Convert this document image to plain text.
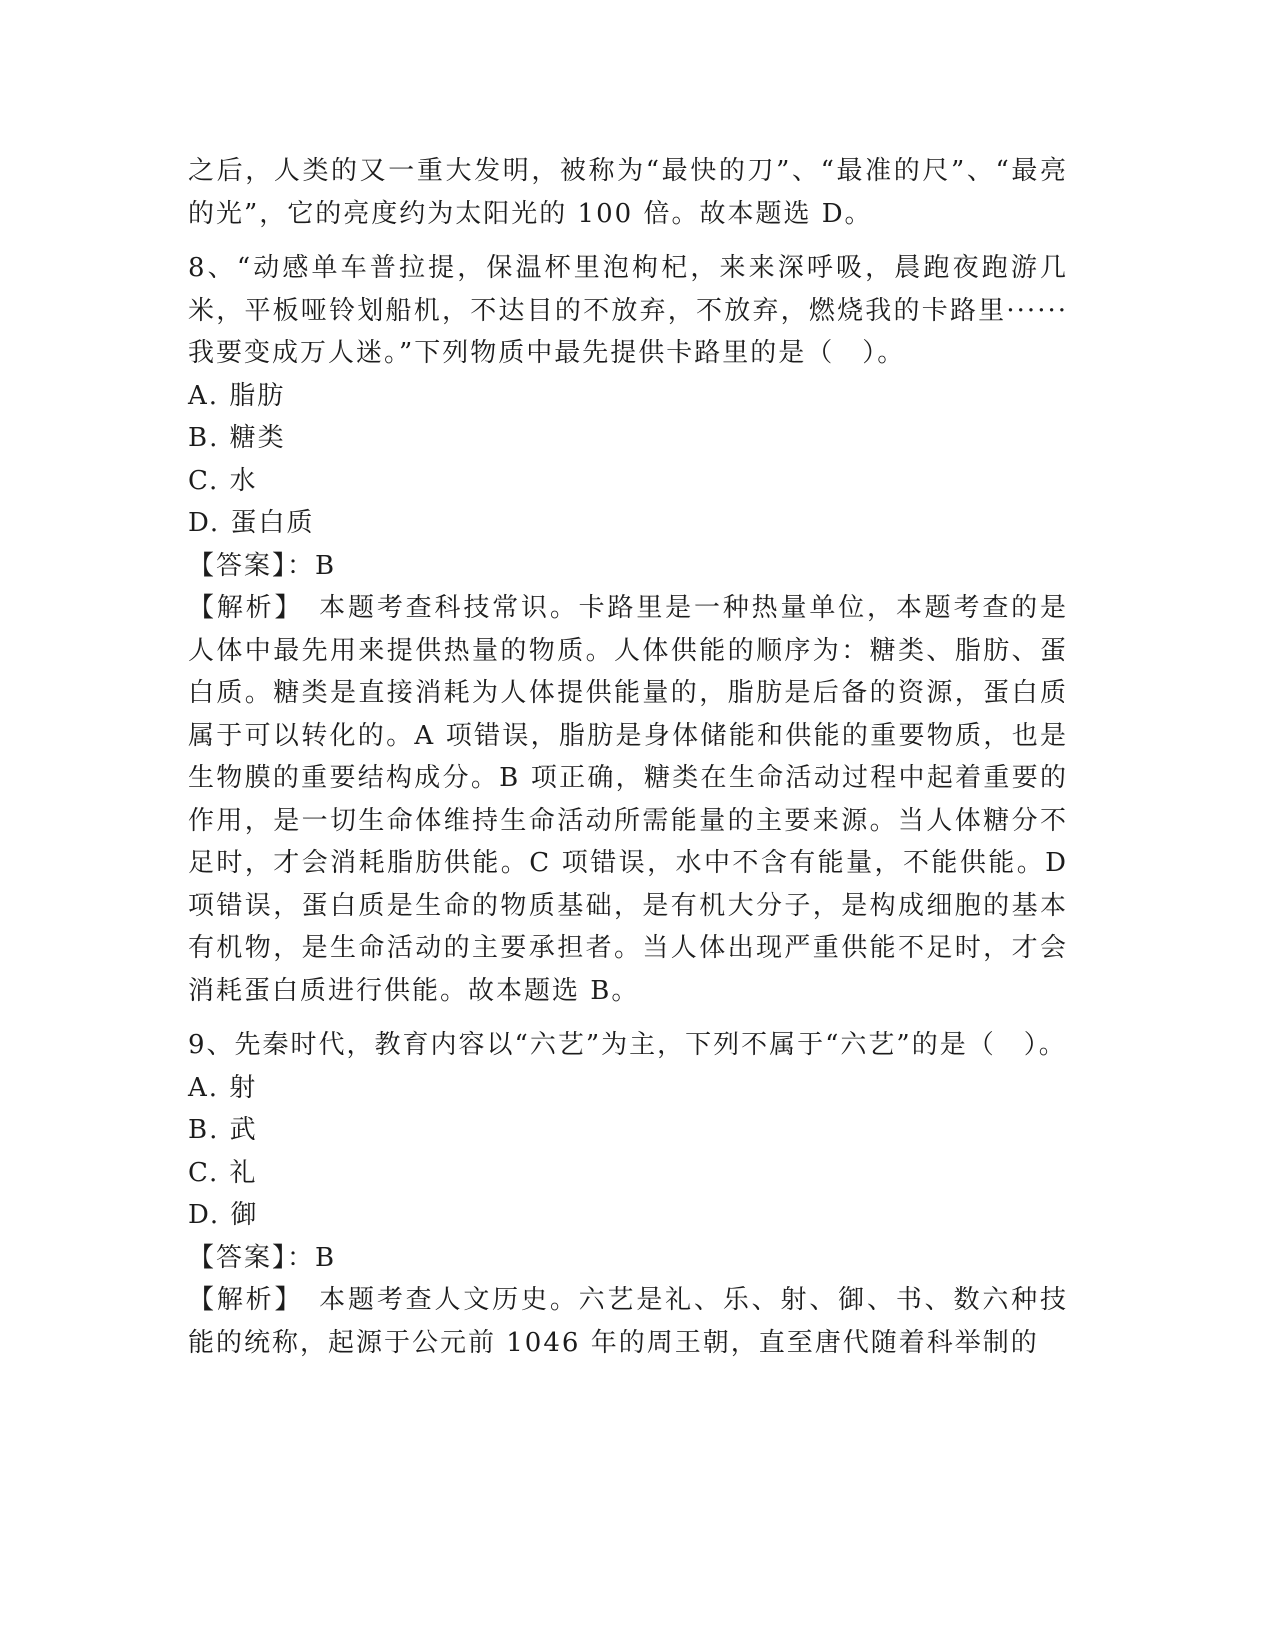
之后，人类的又一重大发明，被称为“最快的刀”、“最准的尺”、“最亮的光”，它的亮度约为太阳光的 100 倍。故本题选 D。

8、“动感单车普拉提，保温杯里泡枸杞，来来深呼吸，晨跑夜跑游几米，平板哑铃划船机，不达目的不放弃，不放弃，燃烧我的卡路里······我要变成万人迷。”下列物质中最先提供卡路里的是（　）。

A. 脂肪

B. 糖类

C. 水

D. 蛋白质

【答案】：B

【解析】　本题考查科技常识。卡路里是一种热量单位，本题考查的是人体中最先用来提供热量的物质。人体供能的顺序为：糖类、脂肪、蛋白质。糖类是直接消耗为人体提供能量的，脂肪是后备的资源，蛋白质属于可以转化的。A 项错误，脂肪是身体储能和供能的重要物质，也是生物膜的重要结构成分。B 项正确，糖类在生命活动过程中起着重要的作用，是一切生命体维持生命活动所需能量的主要来源。当人体糖分不足时，才会消耗脂肪供能。C 项错误，水中不含有能量，不能供能。D 项错误，蛋白质是生命的物质基础，是有机大分子，是构成细胞的基本有机物，是生命活动的主要承担者。当人体出现严重供能不足时，才会消耗蛋白质进行供能。故本题选 B。

9、先秦时代，教育内容以“六艺”为主，下列不属于“六艺”的是（　）。

A. 射

B. 武

C. 礼

D. 御

【答案】：B

【解析】　本题考查人文历史。六艺是礼、乐、射、御、书、数六种技能的统称，起源于公元前 1046 年的周王朝，直至唐代随着科举制的
